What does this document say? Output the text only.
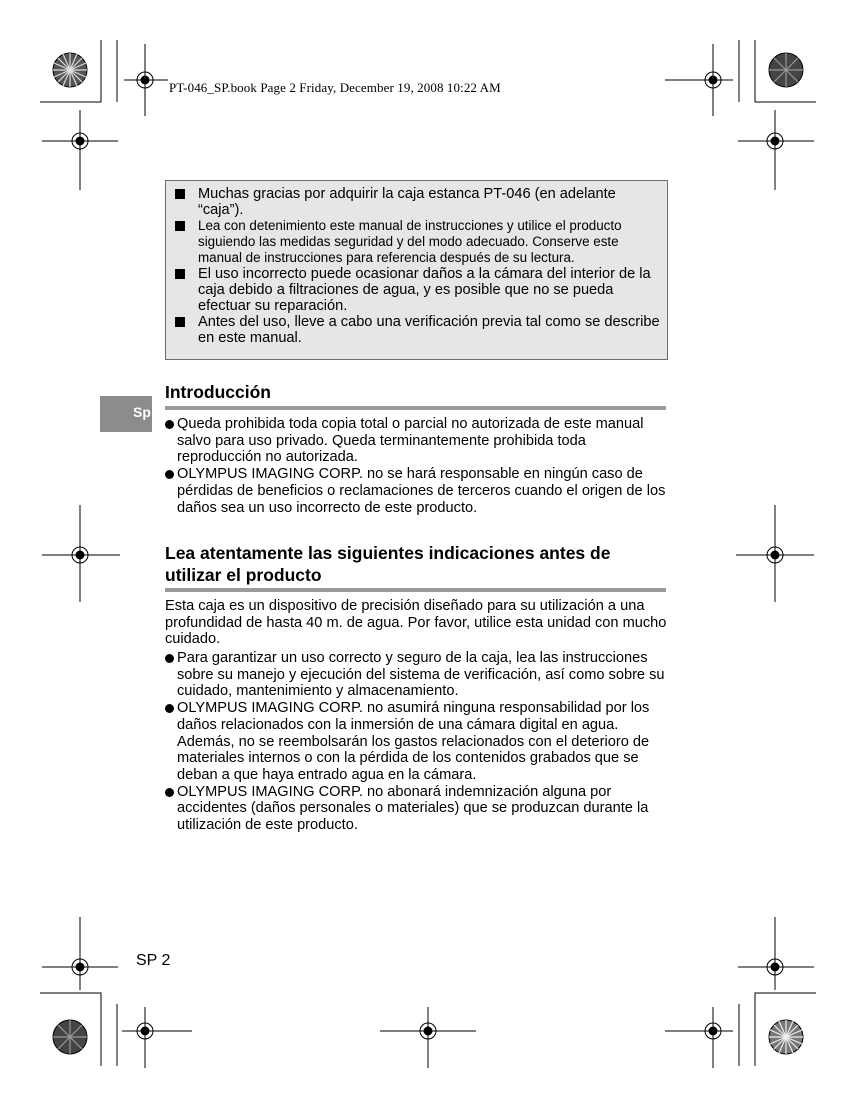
PT-046_SP.book Page 2 Friday, December 19, 2008 10:22 AM
Muchas gracias por adquirir la caja estanca PT-046 (en adelante “caja”).
Lea con detenimiento este manual de instrucciones y utilice el producto siguiendo las medidas seguridad y del modo adecuado. Conserve este manual de instrucciones para referencia después de su lectura.
El uso incorrecto puede ocasionar daños a la cámara del interior de la caja debido a filtraciones de agua, y es posible que no se pueda efectuar su reparación.
Antes del uso, lleve a cabo una verificación previa tal como se describe en este manual.
Sp
Introducción
Queda prohibida toda copia total o parcial no autorizada de este manual salvo para uso privado. Queda terminantemente prohibida toda reproducción no autorizada.
OLYMPUS IMAGING CORP. no se hará responsable en ningún caso de pérdidas de beneficios o reclamaciones de terceros cuando el origen de los daños sea un uso incorrecto de este producto.
Lea atentamente las siguientes indicaciones antes de
utilizar el producto

Esta caja es un dispositivo de precisión diseñado para su utilización a una profundidad de hasta 40 m. de agua. Por favor, utilice esta unidad con mucho cuidado.

Para garantizar un uso correcto y seguro de la caja, lea las instrucciones sobre su manejo y ejecución del sistema de verificación, así como sobre su cuidado, mantenimiento y almacenamiento.
OLYMPUS IMAGING CORP. no asumirá ninguna responsabilidad por los daños relacionados con la inmersión de una cámara digital en agua. Además, no se reembolsarán los gastos relacionados con el deterioro de materiales internos o con la pérdida de los contenidos grabados que se deban a que haya entrado agua en la cámara.
OLYMPUS IMAGING CORP. no abonará indemnización alguna por accidentes (daños personales o materiales) que se produzcan durante la utilización de este producto.
SP 2
